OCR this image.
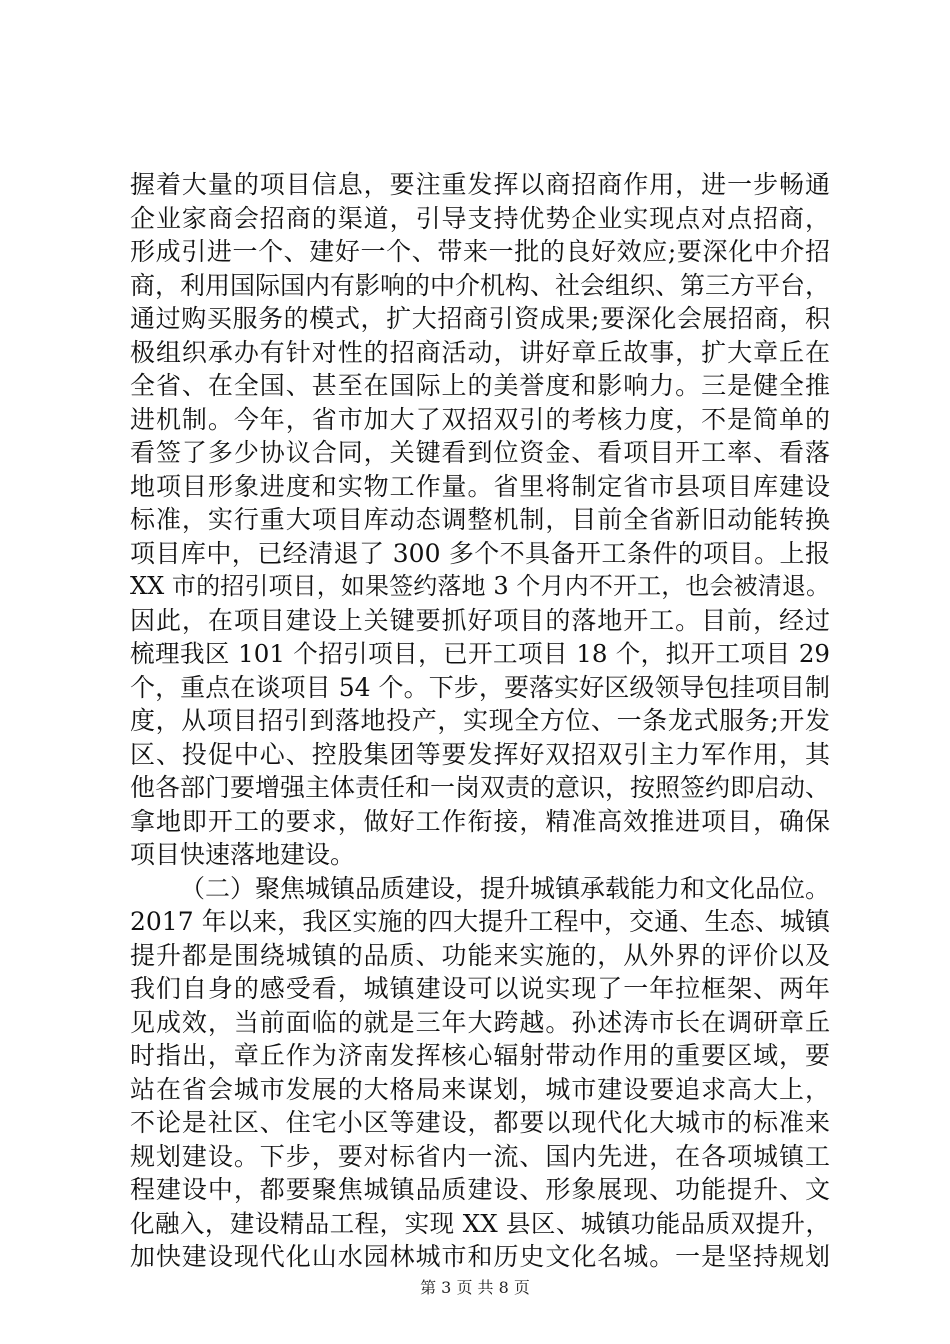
握着大量的项目信息，要注重发挥以商招商作用，进一步畅通
企业家商会招商的渠道，引导支持优势企业实现点对点招商，
形成引进一个、建好一个、带来一批的良好效应;要深化中介招
商，利用国际国内有影响的中介机构、社会组织、第三方平台，
通过购买服务的模式，扩大招商引资成果;要深化会展招商，积
极组织承办有针对性的招商活动，讲好章丘故事，扩大章丘在
全省、在全国、甚至在国际上的美誉度和影响力。三是健全推
进机制。今年，省市加大了双招双引的考核力度，不是简单的
看签了多少协议合同，关键看到位资金、看项目开工率、看落
地项目形象进度和实物工作量。省里将制定省市县项目库建设
标准，实行重大项目库动态调整机制，目前全省新旧动能转换
项目库中，已经清退了 300 多个不具备开工条件的项目。上报
XX 市的招引项目，如果签约落地 3 个月内不开工，也会被清退。
因此，在项目建设上关键要抓好项目的落地开工。目前，经过
梳理我区 101 个招引项目，已开工项目 18 个，拟开工项目 29
个，重点在谈项目 54 个。下步，要落实好区级领导包挂项目制
度，从项目招引到落地投产，实现全方位、一条龙式服务;开发
区、投促中心、控股集团等要发挥好双招双引主力军作用，其
他各部门要增强主体责任和一岗双责的意识，按照签约即启动、
拿地即开工的要求，做好工作衔接，精准高效推进项目，确保
项目快速落地建设。
（二）聚焦城镇品质建设，提升城镇承载能力和文化品位。
2017 年以来，我区实施的四大提升工程中，交通、生态、城镇
提升都是围绕城镇的品质、功能来实施的，从外界的评价以及
我们自身的感受看，城镇建设可以说实现了一年拉框架、两年
见成效，当前面临的就是三年大跨越。孙述涛市长在调研章丘
时指出，章丘作为济南发挥核心辐射带动作用的重要区域，要
站在省会城市发展的大格局来谋划，城市建设要追求高大上，
不论是社区、住宅小区等建设，都要以现代化大城市的标准来
规划建设。下步，要对标省内一流、国内先进，在各项城镇工
程建设中，都要聚焦城镇品质建设、形象展现、功能提升、文
化融入，建设精品工程，实现 XX 县区、城镇功能品质双提升，
加快建设现代化山水园林城市和历史文化名城。一是坚持规划
第 3 页 共 8 页
